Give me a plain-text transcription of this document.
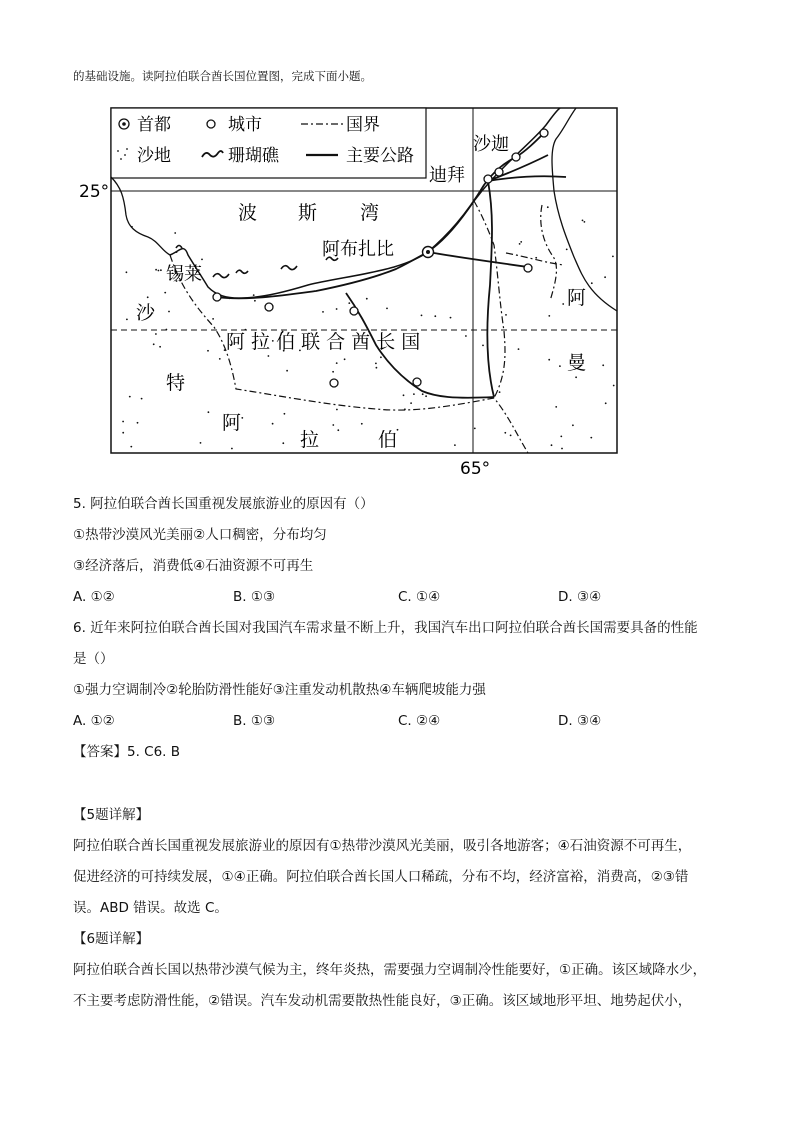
的基础设施。读阿拉伯联合酋长国位置图，完成下面小题。
首都	城市	国界
沙地	珊瑚礁	主要公路
25°
65°
沙迦
迪拜
阿布扎比
锡莱
波 斯 湾
阿 拉 伯 联 合 酋 长 国
沙
特
阿
拉	伯
阿
曼
5. 阿拉伯联合酋长国重视发展旅游业的原因有（）
①热带沙漠风光美丽②人口稠密，分布均匀
③经济落后，消费低④石油资源不可再生
A. ①②	B. ①③	C. ①④	D. ③④
6. 近年来阿拉伯联合酋长国对我国汽车需求量不断上升，我国汽车出口阿拉伯联合酋长国需要具备的性能
是（）
①强力空调制冷②轮胎防滑性能好③注重发动机散热④车辆爬坡能力强
A. ①②	B. ①③	C. ②④	D. ③④
【答案】5. C6. B
【5题详解】
阿拉伯联合酋长国重视发展旅游业的原因有①热带沙漠风光美丽，吸引各地游客；④石油资源不可再生，
促进经济的可持续发展，①④正确。阿拉伯联合酋长国人口稀疏，分布不均，经济富裕，消费高，②③错
误。ABD 错误。故选 C。
【6题详解】
阿拉伯联合酋长国以热带沙漠气候为主，终年炎热，需要强力空调制冷性能要好，①正确。该区域降水少，
不主要考虑防滑性能，②错误。汽车发动机需要散热性能良好，③正确。该区域地形平坦、地势起伏小，
